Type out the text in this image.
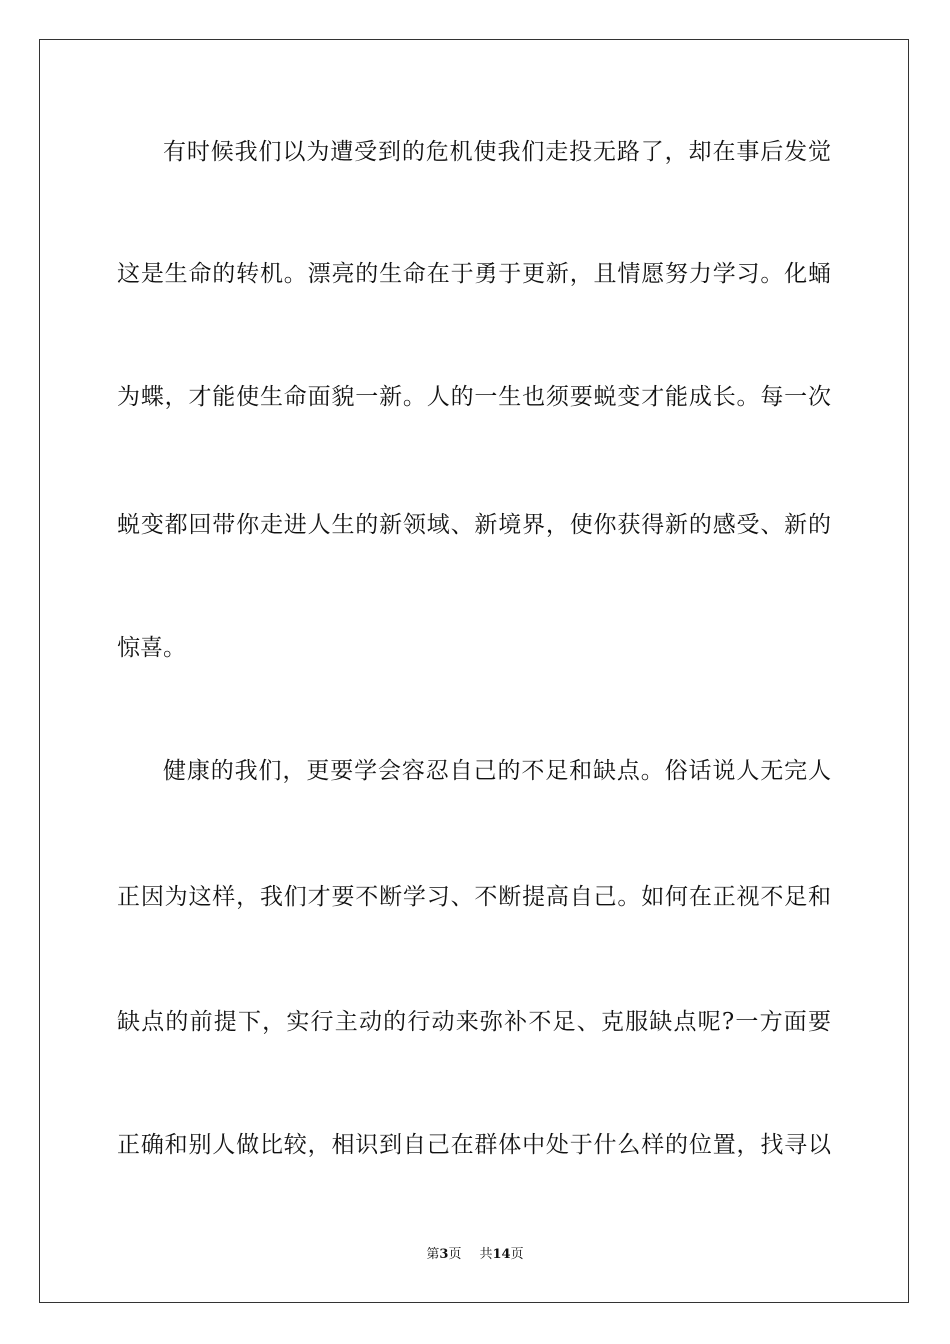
有时候我们以为遭受到的危机使我们走投无路了，却在事后发觉
这是生命的转机。漂亮的生命在于勇于更新，且情愿努力学习。化蛹
为蝶，才能使生命面貌一新。人的一生也须要蜕变才能成长。每一次
蜕变都回带你走进人生的新领域、新境界，使你获得新的感受、新的
惊喜。
健康的我们，更要学会容忍自己的不足和缺点。俗话说人无完人
正因为这样，我们才要不断学习、不断提高自己。如何在正视不足和
缺点的前提下，实行主动的行动来弥补不足、克服缺点呢?一方面要
正确和别人做比较，相识到自己在群体中处于什么样的位置，找寻以
第3页 共14页
